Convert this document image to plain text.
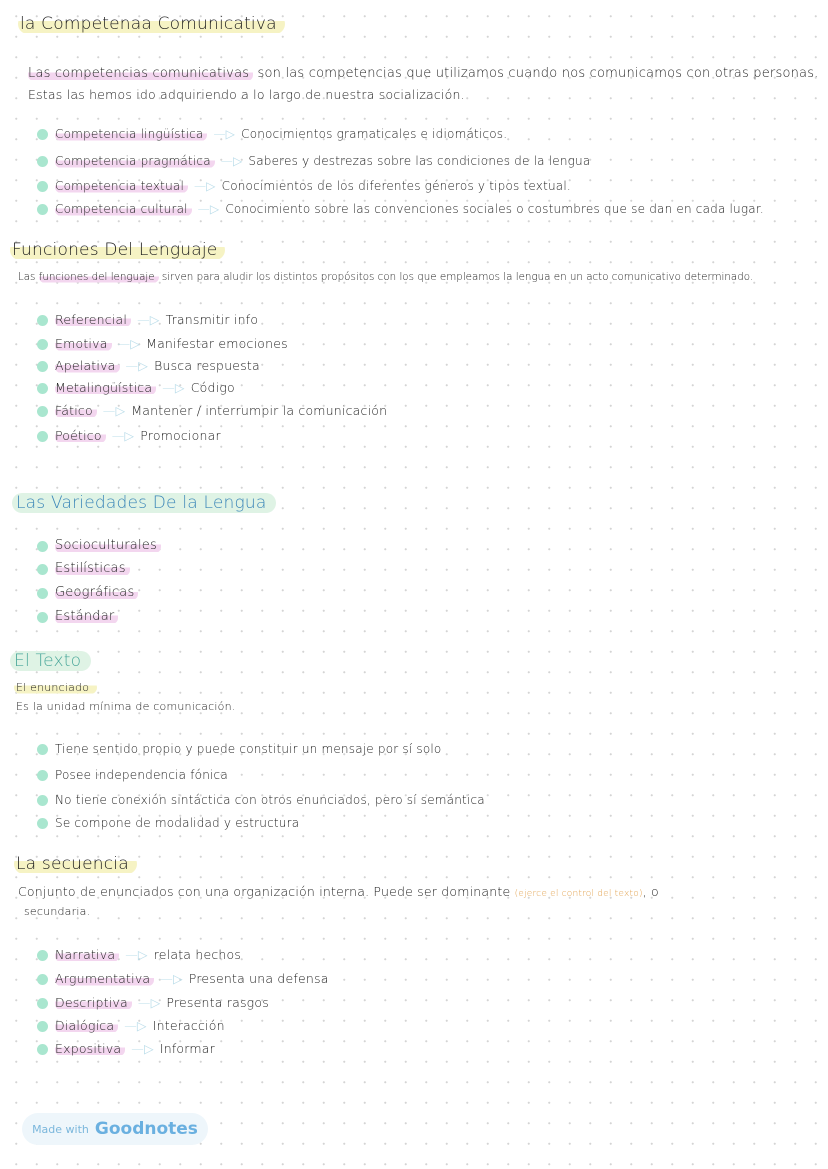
la Competenaa Comunicativa
Las competencias comunicativas son las competencias que utilizamos cuando nos comunicamos con otras personas.
Estas las hemos ido adquiriendo a lo largo de nuestra socialización.
Funciones Del Lenguaje
Las funciones del lenguaje sirven para aludir los distintos propósitos con los que empleamos la lengua en un acto comunicativo determinado.
Las Variedades De la Lengua
El Texto
El enunciado
Es la unidad mínima de comunicación.
La secuencia
Conjunto de enunciados con una organización interna. Puede ser dominante (ejerce el control del texto), o
secundaria.
Competencia lingüística —▷ Conocimientos gramaticales e idiomáticos.
Competencia pragmática —▷ Saberes y destrezas sobre las condiciones de la lengua
Competencia textual —▷ Conocimientos de los diferentes géneros y tipos textual.
Competencia cultural —▷ Conocimiento sobre las convenciones sociales o costumbres que se dan en cada lugar.
Referencial —▷ Transmitir info
Emotiva —▷ Manifestar emociones
Apelativa —▷ Busca respuesta
Metalingüística —▷ Código
Fático —▷ Mantener / interrumpir la comunicación
Poético —▷ Promocionar
Socioculturales
Estilísticas
Geográficas
Estándar
Tiene sentido propio y puede constituir un mensaje por sí solo
Posee independencia fónica
No tiene conexión sintáctica con otros enunciados, pero sí semántica
Se compone de modalidad y estructura
Narrativa —▷ relata hechos
Argumentativa —▷ Presenta una defensa
Descriptiva —▷ Presenta rasgos
Dialógica —▷ Interacción
Expositiva —▷ Informar
Made with Goodnotes
